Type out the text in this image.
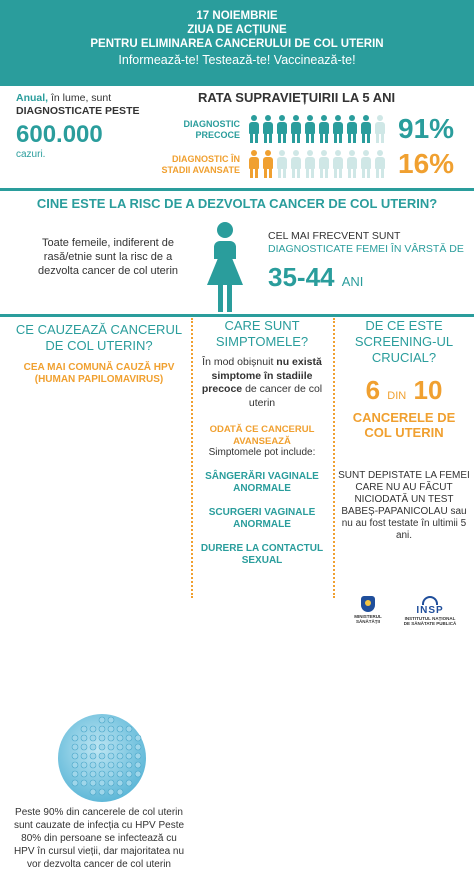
17 NOIEMBRIE
ZIUA DE ACȚIUNE
PENTRU ELIMINAREA CANCERULUI DE COL UTERIN
Informează-te! Testează-te! Vaccinează-te!
Anual, în lume, sunt
DIAGNOSTICATE PESTE
600.000
cazuri.
RATA SUPRAVIEȚUIRII LA 5 ANI
DIAGNOSTIC PRECOCE	91%
DIAGNOSTIC ÎN STADII AVANSATE	16%
CINE ESTE LA RISC DE A DEZVOLTA CANCER DE COL UTERIN?
Toate femeile, indiferent de rasă/etnie sunt la risc de a dezvolta cancer de col uterin
CEL MAI FRECVENT SUNT
DIAGNOSTICATE FEMEI ÎN VÂRSTĂ DE
35-44 ANI
CE CAUZEAZĂ CANCERUL DE COL UTERIN?
CEA MAI COMUNĂ CAUZĂ HPV (HUMAN PAPILOMAVIRUS)
Peste 90% din cancerele de col uterin sunt cauzate de infecția cu HPV Peste 80% din persoane se infectează cu HPV în cursul vieții, dar majoritatea nu vor dezvolta cancer de col uterin
CARE SUNT SIMPTOMELE?
În mod obișnuit nu există simptome în stadiile precoce de cancer de col uterin
ODATĂ CE CANCERUL AVANSEAZĂ
Simptomele pot include:
SÂNGERĂRI VAGINALE ANORMALE
SCURGERI VAGINALE ANORMALE
DURERE LA CONTACTUL SEXUAL
DE CE ESTE SCREENING-UL CRUCIAL?
6 DIN 10
CANCERELE DE COL UTERIN
SUNT DEPISTATE LA FEMEI CARE NU AU FĂCUT NICIODATĂ UN TEST BABEȘ-PAPANICOLAU sau nu au fost testate în ultimii 5 ani.
MINISTERUL SĂNĂTĂȚII
INSP
INSTITUTUL NAȚIONAL DE SĂNĂTATE PUBLICĂ
